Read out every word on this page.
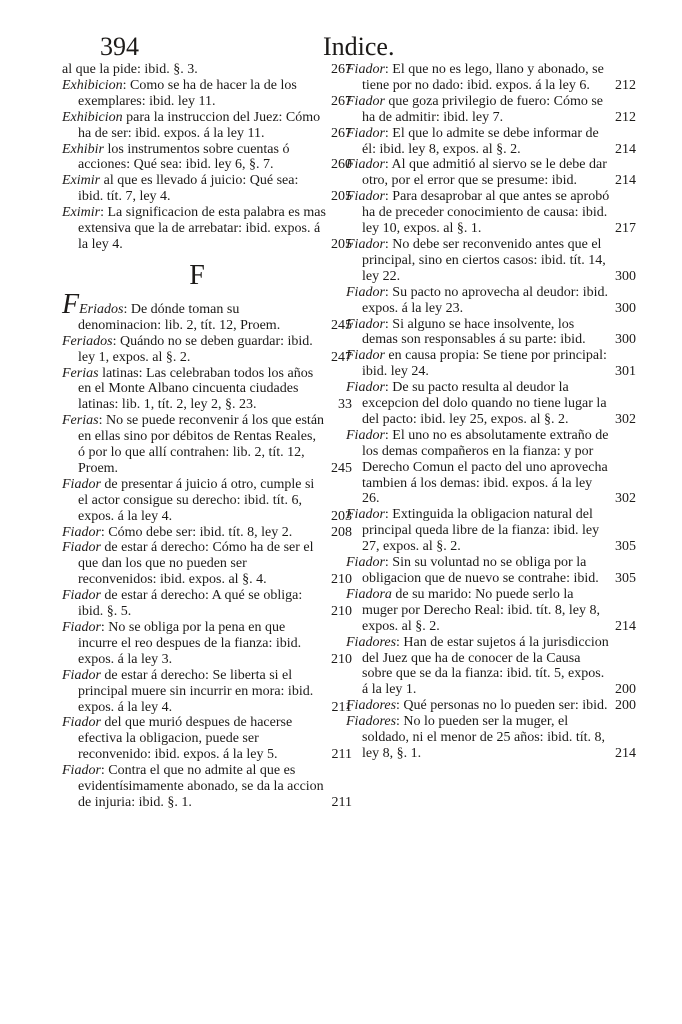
394	Indice.

al que la pide: ibid. §. 3.	267

Exhibicion: Como se ha de hacer la de los exemplares: ibid. ley 11.	267

Exhibicion para la instruccion del Juez: Cómo ha de ser: ibid. expos. á la ley 11.	267

Exhibir los instrumentos sobre cuentas ó acciones: Qué sea: ibid. ley 6, §. 7.	260

Eximir al que es llevado á juicio: Qué sea: ibid. tít. 7, ley 4.	205

Eximir: La significacion de esta palabra es mas extensiva que la de arrebatar: ibid. expos. á la ley 4.	205

F

FEriados: De dónde toman su denominacion: lib. 2, tít. 12, Proem.	245

Feriados: Quándo no se deben guardar: ibid. ley 1, expos. al §. 2.	247

Ferias latinas: Las celebraban todos los años en el Monte Albano cincuenta ciudades latinas: lib. 1, tít. 2, ley 2, §. 23.	33

Ferias: No se puede reconvenir á los que están en ellas sino por débitos de Rentas Reales, ó por lo que allí contrahen: lib. 2, tít. 12, Proem.	245

Fiador de presentar á juicio á otro, cumple si el actor consigue su derecho: ibid. tít. 6, expos. á la ley 4.	203

Fiador: Cómo debe ser: ibid. tít. 8, ley 2.	208

Fiador de estar á derecho: Cómo ha de ser el que dan los que no pueden ser reconvenidos: ibid. expos. al §. 4.	210

Fiador de estar á derecho: A qué se obliga: ibid. §. 5.	210

Fiador: No se obliga por la pena en que incurre el reo despues de la fianza: ibid. expos. á la ley 3.	210

Fiador de estar á derecho: Se liberta si el principal muere sin incurrir en mora: ibid. expos. á la ley 4.	211

Fiador del que murió despues de hacerse efectiva la obligacion, puede ser reconvenido: ibid. expos. á la ley 5.	211

Fiador: Contra el que no admite al que es evidentísimamente abonado, se da la accion de injuria: ibid. §. 1.	211

Fiador: El que no es lego, llano y abonado, se tiene por no dado: ibid. expos. á la ley 6. 212

Fiador que goza privilegio de fuero: Cómo se ha de admitir: ibid. ley 7.	212

Fiador: El que lo admite se debe informar de él: ibid. ley 8, expos. al §. 2.	214

Fiador: Al que admitió al siervo se le debe dar otro, por el error que se presume: ibid.	214

Fiador: Para desaprobar al que antes se aprobó ha de preceder conocimiento de causa: ibid. ley 10, expos. al §. 1.	217

Fiador: No debe ser reconvenido antes que el principal, sino en ciertos casos: ibid. tít. 14, ley 22.	300

Fiador: Su pacto no aprovecha al deudor: ibid. expos. á la ley 23.	300

Fiador: Si alguno se hace insolvente, los demas son responsables á su parte: ibid. 300

Fiador en causa propia: Se tiene por principal: ibid. ley 24.	301

Fiador: De su pacto resulta al deudor la excepcion del dolo quando no tiene lugar la del pacto: ibid. ley 25, expos. al §. 2.	302

Fiador: El uno no es absolutamente extraño de los demas compañeros en la fianza: y por Derecho Comun el pacto del uno aprovecha tambien á los demas: ibid. expos. á la ley 26.	302

Fiador: Extinguida la obligacion natural del principal queda libre de la fianza: ibid. ley 27, expos. al §. 2.	305

Fiador: Sin su voluntad no se obliga por la obligacion que de nuevo se contrahe: ibid. 305

Fiadora de su marido: No puede serlo la muger por Derecho Real: ibid. tít. 8, ley 8, expos. al §. 2.	214

Fiadores: Han de estar sujetos á la jurisdiccion del Juez que ha de conocer de la Causa sobre que se da la fianza: ibid. tít. 5, expos. á la ley 1.	200

Fiadores: Qué personas no lo pueden ser: ibid. 200

Fiadores: No lo pueden ser la muger, el soldado, ni el menor de 25 años: ibid. tít. 8, ley 8, §. 1.	214
